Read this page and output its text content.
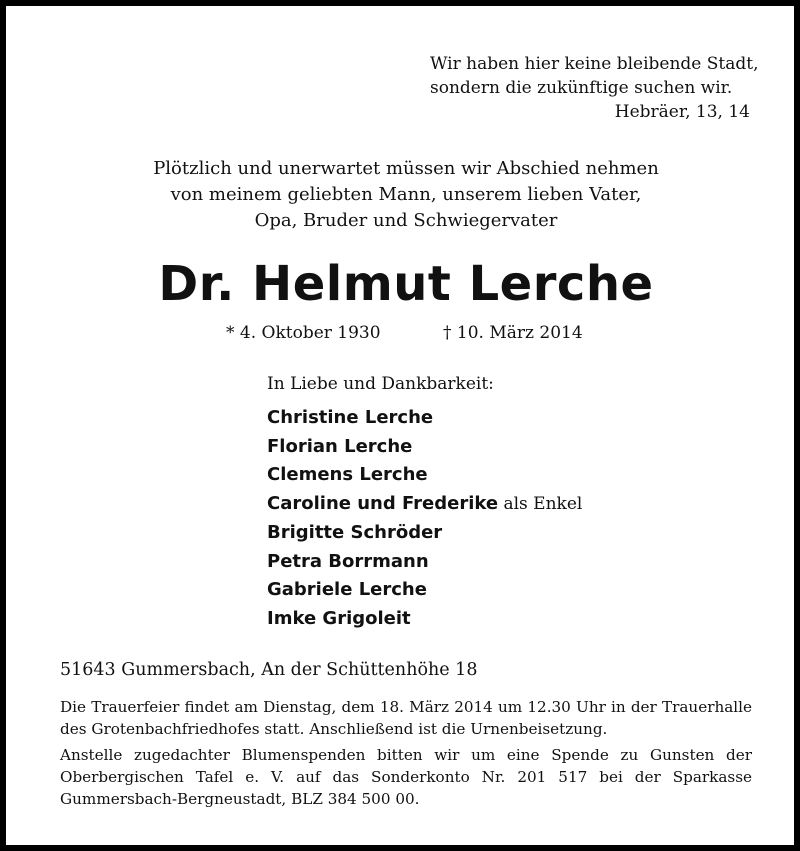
Wir haben hier keine bleibende Stadt,
sondern die zukünftige suchen wir.
Hebräer, 13, 14
Plötzlich und unerwartet müssen wir Abschied nehmen
von meinem geliebten Mann, unserem lieben Vater,
Opa, Bruder und Schwiegervater
Dr. Helmut Lerche
* 4. Oktober 1930	† 10. März 2014
In Liebe und Dankbarkeit:
Christine Lerche
Florian Lerche
Clemens Lerche
Caroline und Frederike als Enkel
Brigitte Schröder
Petra Borrmann
Gabriele Lerche
Imke Grigoleit
51643 Gummersbach, An der Schüttenhöhe 18
Die Trauerfeier findet am Dienstag, dem 18. März 2014 um 12.30 Uhr in der Trauerhalle des Grotenbachfriedhofes statt. Anschließend ist die Urnenbeisetzung.
Anstelle zugedachter Blumenspenden bitten wir um eine Spende zu Gunsten der Oberbergischen Tafel e. V. auf das Sonderkonto Nr. 201 517 bei der Sparkasse Gummersbach-Bergneustadt, BLZ 384 500 00.
